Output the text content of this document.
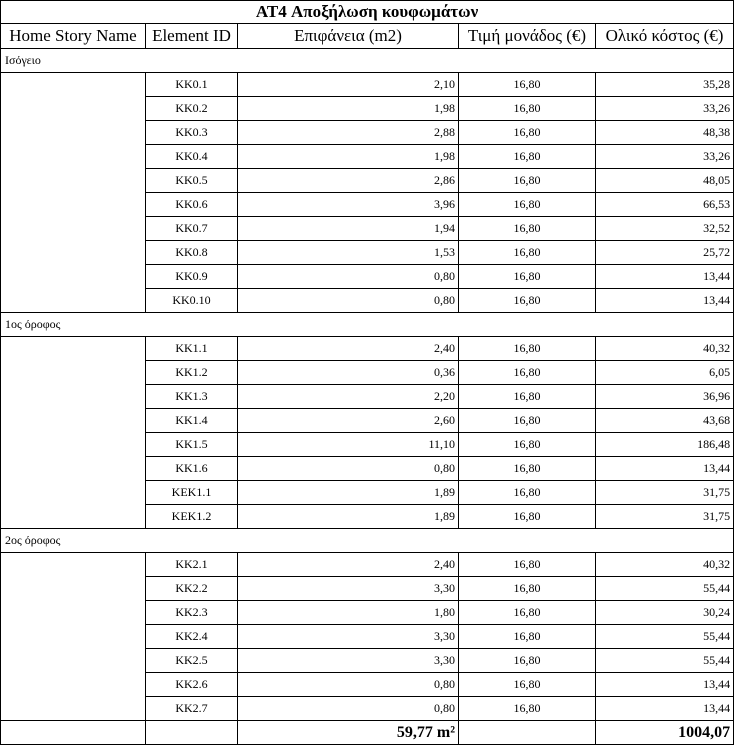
AT4 Αποξήλωση κουφωμάτων				
Home Story Name	Element ID	Επιφάνεια (m2)	Τιμή μονάδος (€)	Ολικό κόστος (€)
Ισόγειο				
	KK0.1	2,10	16,80	35,28
	KK0.2	1,98	16,80	33,26
	KK0.3	2,88	16,80	48,38
	KK0.4	1,98	16,80	33,26
	KK0.5	2,86	16,80	48,05
	KK0.6	3,96	16,80	66,53
	KK0.7	1,94	16,80	32,52
	KK0.8	1,53	16,80	25,72
	KK0.9	0,80	16,80	13,44
	KK0.10	0,80	16,80	13,44
1ος όροφος				
	KK1.1	2,40	16,80	40,32
	KK1.2	0,36	16,80	6,05
	KK1.3	2,20	16,80	36,96
	KK1.4	2,60	16,80	43,68
	KK1.5	11,10	16,80	186,48
	KK1.6	0,80	16,80	13,44
	KEK1.1	1,89	16,80	31,75
	KEK1.2	1,89	16,80	31,75
2ος όροφος				
	KK2.1	2,40	16,80	40,32
	KK2.2	3,30	16,80	55,44
	KK2.3	1,80	16,80	30,24
	KK2.4	3,30	16,80	55,44
	KK2.5	3,30	16,80	55,44
	KK2.6	0,80	16,80	13,44
	KK2.7	0,80	16,80	13,44
		59,77 m²		1004,07
